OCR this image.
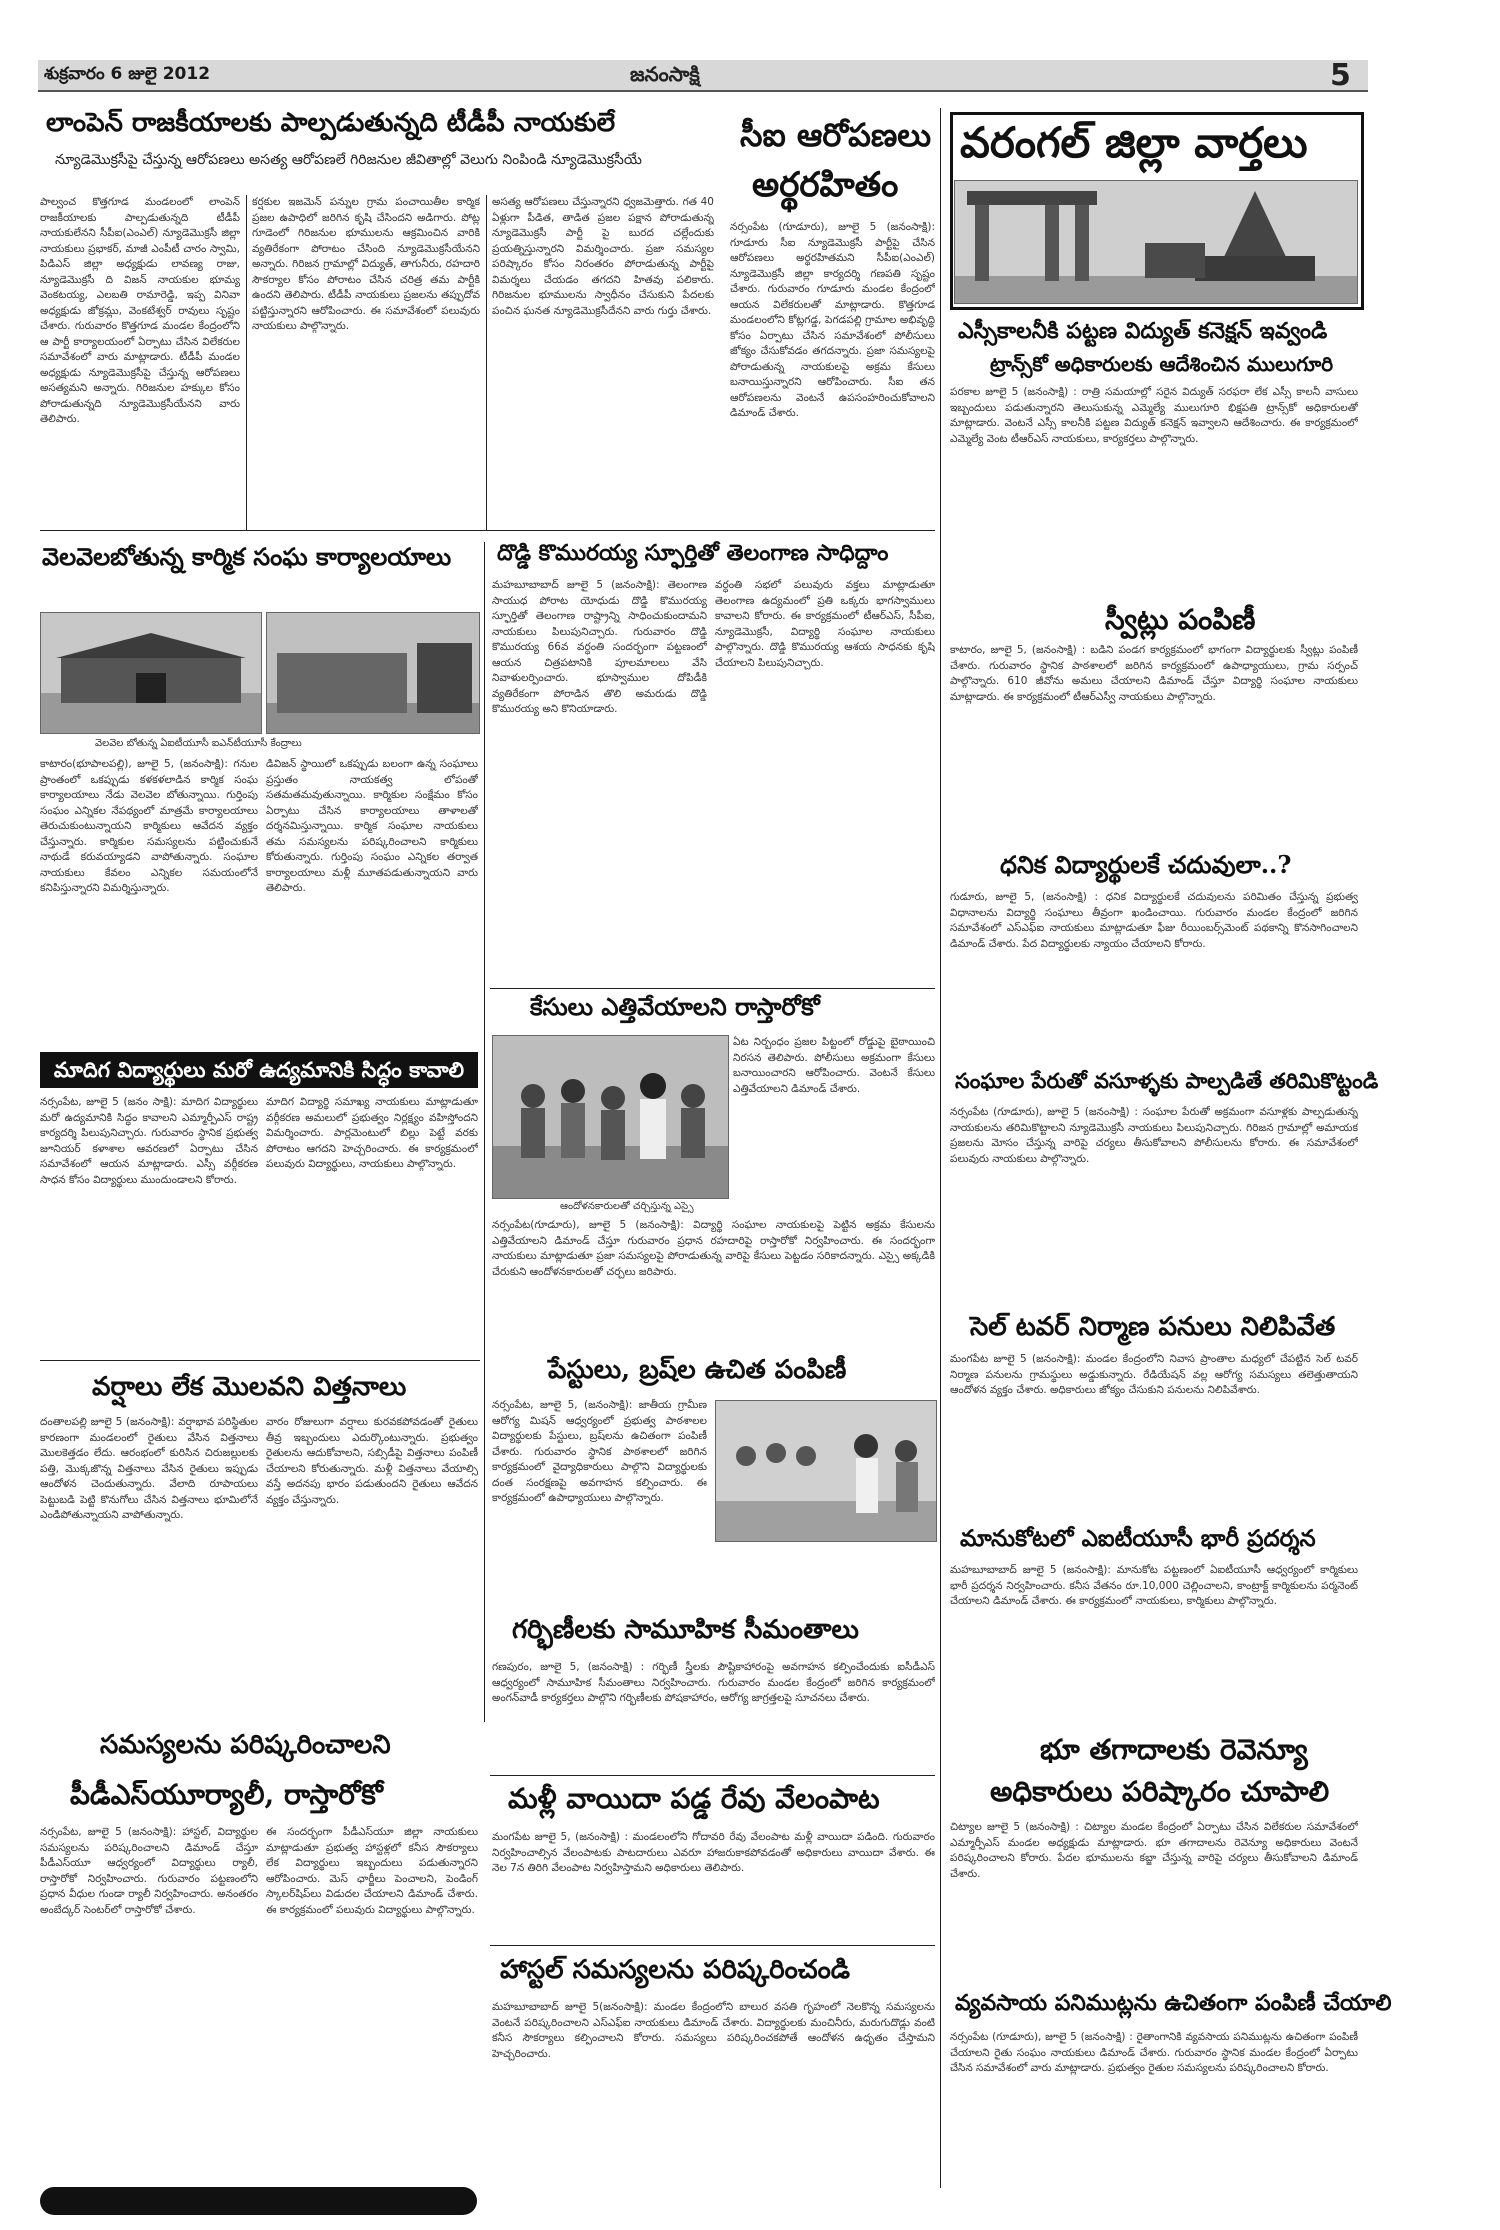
శుక్రవారం 6 జులై 2012	జనంసాక్షి	5
లాంపెన్ రాజకీయాలకు పాల్పడుతున్నది టీడీపీ నాయకులే
న్యూడెమొక్రసీపై చేస్తున్న ఆరోపణలు అసత్య ఆరోపణలే గిరిజనుల జీవితాల్లో వెలుగు నింపిండి న్యూడెమొక్రసీయే
పాల్వంచ కొత్తగూడ మండలంలో లాంపెన్ రాజకీయాలకు పాల్పడుతున్నది టీడీపీ నాయకులేనని సీపీఐ(ఎంఎల్) న్యూడెమొక్రసీ జిల్లా నాయకులు ప్రభాకర్, మాజీ ఎంపీటీ చారం స్వామి, పిడిఎస్ జిల్లా అధ్యక్షుడు లావణ్య రాజు, న్యూడెమొక్రసీ ది విజన్ నాయకుల భూమ్య వెంకటయ్య, ఎలబతి రామారెడ్డి, ఇప్ప వినివా అధ్యక్షుడు జోక్రమ్లు, వెంకటేశ్వర్ రావులు సృష్టం చేశారు. గురువారం కొత్తగూడ మండల కేంద్రంలోని ఆ పార్టీ కార్యాలయంలో ఏర్పాటు చేసిన విలేకరుల సమావేశంలో వారు మాట్లాడారు. టీడీపీ మండల అధ్యక్షుడు న్యూడెమొక్రసీపై చేస్తున్న ఆరోపణలు అసత్యమని అన్నారు. గిరిజనుల హక్కుల కోసం పోరాడుతున్నది న్యూడెమొక్రసీయేనని వారు తెలిపారు.
కర్షకుల ఇజమెన్ పన్నుల గ్రామ పంచాయితీల కార్మిక ప్రజల ఉపాధిలో జరిగిన కృషి చేసిందని అడిగారు. పోట్ల గూడెంలో గిరిజనుల భూములను ఆక్రమించిన వారికి వ్యతిరేకంగా పోరాటం చేసింది న్యూడెమొక్రసీయేనని అన్నారు. గిరిజన గ్రామాల్లో విద్యుత్, తాగునీరు, రహదారి సౌకర్యాల కోసం పోరాటం చేసిన చరిత్ర తమ పార్టీకి ఉందని తెలిపారు. టీడీపీ నాయకులు ప్రజలను తప్పుదోవ పట్టిస్తున్నారని ఆరోపించారు. ఈ సమావేశంలో పలువురు నాయకులు పాల్గొన్నారు.
అసత్య ఆరోపణలు చేస్తున్నారని ధ్వజమెత్తారు. గత 40 ఏళ్లుగా పీడిత, తాడిత ప్రజల పక్షాన పోరాడుతున్న న్యూడెమొక్రసీ పార్టీ పై బురద చల్లేందుకు ప్రయత్నిస్తున్నారని విమర్శించారు. ప్రజా సమస్యల పరిష్కారం కోసం నిరంతరం పోరాడుతున్న పార్టీపై విమర్శలు చేయడం తగదని హితవు పలికారు. గిరిజనుల భూములను స్వాధీనం చేసుకుని పేదలకు పంచిన ఘనత న్యూడెమొక్రసీదేనని వారు గుర్తు చేశారు.
సీఐ ఆరోపణలు
అర్థరహితం
నర్సంపేట (గూడూరు), జూలై 5 (జనంసాక్షి): గూడూరు సీఐ న్యూడెమొక్రసీ పార్టీపై చేసిన ఆరోపణలు అర్థరహితమని సీపీఐ(ఎంఎల్) న్యూడెమొక్రసీ జిల్లా కార్యదర్శి గణపతి సృష్టం చేశారు. గురువారం గూడూరు మండల కేంద్రంలో ఆయన విలేకరులతో మాట్లాడారు. కొత్తగూడ మండలంలోని కోట్లగడ్డ, పెగడపల్లి గ్రామాల అభివృద్ధి కోసం ఏర్పాటు చేసిన సమావేశంలో పోలీసులు జోక్యం చేసుకోవడం తగదన్నారు. ప్రజా సమస్యలపై పోరాడుతున్న నాయకులపై అక్రమ కేసులు బనాయిస్తున్నారని ఆరోపించారు. సీఐ తన ఆరోపణలను వెంటనే ఉపసంహరించుకోవాలని డిమాండ్ చేశారు.
వరంగల్ జిల్లా వార్తలు
ఎస్సీకాలనీకి పట్టణ విద్యుత్ కనెక్షన్ ఇవ్వండి
ట్రాన్స్‌కో అధికారులకు ఆదేశించిన ములుగూరి
పరకాల జూలై 5 (జనంసాక్షి) : రాత్రి సమయాల్లో సరైన విద్యుత్ సరఫరా లేక ఎస్సీ కాలనీ వాసులు ఇబ్బందులు పడుతున్నారని తెలుసుకున్న ఎమ్మెల్యే ములుగూరి భిక్షపతి ట్రాన్స్‌కో అధికారులతో మాట్లాడారు. వెంటనే ఎస్సీ కాలనీకి పట్టణ విద్యుత్ కనెక్షన్ ఇవ్వాలని ఆదేశించారు. ఈ కార్యక్రమంలో ఎమ్మెల్యే వెంట టీఆర్ఎస్ నాయకులు, కార్యకర్తలు పాల్గొన్నారు.
స్వీట్లు పంపిణీ
కాటారం, జూలై 5, (జనంసాక్షి) : బడిని పండగ కార్యక్రమంలో భాగంగా విద్యార్థులకు స్వీట్లు పంపిణీ చేశారు. గురువారం స్థానిక పాఠశాలలో జరిగిన కార్యక్రమంలో ఉపాధ్యాయులు, గ్రామ సర్పంచ్ పాల్గొన్నారు. 610 జీవోను అమలు చేయాలని డిమాండ్ చేస్తూ విద్యార్థి సంఘాల నాయకులు మాట్లాడారు. ఈ కార్యక్రమంలో టీఆర్ఎస్వీ నాయకులు పాల్గొన్నారు.
ధనిక విద్యార్థులకే చదువులా..?
గుడూరు, జూలై 5, (జనంసాక్షి) : ధనిక విద్యార్థులకే చదువులను పరిమితం చేస్తున్న ప్రభుత్వ విధానాలను విద్యార్థి సంఘాలు తీవ్రంగా ఖండించాయి. గురువారం మండల కేంద్రంలో జరిగిన సమావేశంలో ఎస్‌ఎఫ్ఐ నాయకులు మాట్లాడుతూ ఫీజు రీయింబర్స్‌మెంట్ పథకాన్ని కొనసాగించాలని డిమాండ్ చేశారు. పేద విద్యార్థులకు న్యాయం చేయాలని కోరారు.
సంఘాల పేరుతో వసూళ్ళకు పాల్పడితే తరిమికొట్టండి
నర్సంపేట (గూడూరు), జూలై 5 (జనంసాక్షి) : సంఘాల పేరుతో అక్రమంగా వసూళ్లకు పాల్పడుతున్న నాయకులను తరిమికొట్టాలని న్యూడెమొక్రసీ నాయకులు పిలుపునిచ్చారు. గిరిజన గ్రామాల్లో అమాయక ప్రజలను మోసం చేస్తున్న వారిపై చర్యలు తీసుకోవాలని పోలీసులను కోరారు. ఈ సమావేశంలో పలువురు నాయకులు పాల్గొన్నారు.
సెల్ టవర్ నిర్మాణ పనులు నిలిపివేత
మంగపేట జూలై 5 (జనంసాక్షి): మండల కేంద్రంలోని నివాస ప్రాంతాల మధ్యలో చేపట్టిన సెల్ టవర్ నిర్మాణ పనులను గ్రామస్థులు అడ్డుకున్నారు. రేడియేషన్ వల్ల ఆరోగ్య సమస్యలు తలెత్తుతాయని ఆందోళన వ్యక్తం చేశారు. అధికారులు జోక్యం చేసుకుని పనులను నిలిపివేశారు.
మానుకోటలో ఎఐటీయూసీ భారీ ప్రదర్శన
మహబూబాబాద్ జూలై 5 (జనంసాక్షి): మానుకోట పట్టణంలో ఏఐటీయూసీ ఆధ్వర్యంలో కార్మికులు భారీ ప్రదర్శన నిర్వహించారు. కనీస వేతనం రూ.10,000 చెల్లించాలని, కాంట్రాక్ట్ కార్మికులను పర్మనెంట్ చేయాలని డిమాండ్ చేశారు. ఈ కార్యక్రమంలో నాయకులు, కార్మికులు పాల్గొన్నారు.
భూ తగాదాలకు రెవెన్యూ
అధికారులు పరిష్కారం చూపాలి
చిట్యాల జూలై 5 (జనంసాక్షి) : చిట్యాల మండల కేంద్రంలో ఏర్పాటు చేసిన విలేకరుల సమావేశంలో ఎమ్మార్పీఎస్ మండల అధ్యక్షుడు మాట్లాడారు. భూ తగాదాలను రెవెన్యూ అధికారులు వెంటనే పరిష్కరించాలని కోరారు. పేదల భూములను కబ్జా చేస్తున్న వారిపై చర్యలు తీసుకోవాలని డిమాండ్ చేశారు.
వ్యవసాయ పనిముట్లను ఉచితంగా పంపిణీ చేయాలి
నర్సంపేట (గూడూరు), జూలై 5 (జనంసాక్షి) : రైతాంగానికి వ్యవసాయ పనిముట్లను ఉచితంగా పంపిణీ చేయాలని రైతు సంఘం నాయకులు డిమాండ్ చేశారు. గురువారం స్థానిక మండల కేంద్రంలో ఏర్పాటు చేసిన సమావేశంలో వారు మాట్లాడారు. ప్రభుత్వం రైతుల సమస్యలను పరిష్కరించాలని కోరారు.
వెలవెలబోతున్న కార్మిక సంఘ కార్యాలయాలు
వెలవెల బోతున్న ఏఐటీయూసీ ఐఎన్‌టీయూసీ కేంద్రాలు
కాటారం(భూపాలపల్లి), జూలై 5, (జనంసాక్షి): గనుల ప్రాంతంలో ఒకప్పుడు కళకళలాడిన కార్మిక సంఘ కార్యాలయాలు నేడు వెలవెల బోతున్నాయి. గుర్తింపు సంఘం ఎన్నికల నేపథ్యంలో మాత్రమే కార్యాలయాలు తెరుచుకుంటున్నాయని కార్మికులు ఆవేదన వ్యక్తం చేస్తున్నారు. కార్మికుల సమస్యలను పట్టించుకునే నాథుడే కరువయ్యాడని వాపోతున్నారు. సంఘాల నాయకులు కేవలం ఎన్నికల సమయంలోనే కనిపిస్తున్నారని విమర్శిస్తున్నారు.
డివిజన్ స్థాయిలో ఒకప్పుడు బలంగా ఉన్న సంఘాలు ప్రస్తుతం నాయకత్వ లోపంతో సతమతమవుతున్నాయి. కార్మికుల సంక్షేమం కోసం ఏర్పాటు చేసిన కార్యాలయాలు తాళాలతో దర్శనమిస్తున్నాయి. కార్మిక సంఘాల నాయకులు తమ సమస్యలను పరిష్కరించాలని కార్మికులు కోరుతున్నారు. గుర్తింపు సంఘం ఎన్నికల తర్వాత కార్యాలయాలు మళ్లీ మూతపడుతున్నాయని వారు తెలిపారు.
దొడ్డి కొమురయ్య స్ఫూర్తితో తెలంగాణ సాధిద్దాం
మహబూబాబాద్ జూలై 5 (జనంసాక్షి): తెలంగాణ సాయుధ పోరాట యోధుడు దొడ్డి కొమురయ్య స్ఫూర్తితో తెలంగాణ రాష్ట్రాన్ని సాధించుకుందామని నాయకులు పిలుపునిచ్చారు. గురువారం దొడ్డి కొమురయ్య 66వ వర్ధంతి సందర్భంగా పట్టణంలో ఆయన చిత్రపటానికి పూలమాలలు వేసి నివాళులర్పించారు. భూస్వాముల దోపిడీకి వ్యతిరేకంగా పోరాడిన తొలి అమరుడు దొడ్డి కొమురయ్య అని కొనియాడారు.
వర్ధంతి సభలో పలువురు వక్తలు మాట్లాడుతూ తెలంగాణ ఉద్యమంలో ప్రతి ఒక్కరు భాగస్వాములు కావాలని కోరారు. ఈ కార్యక్రమంలో టీఆర్ఎస్, సీపీఐ, న్యూడెమొక్రసీ, విద్యార్థి సంఘాల నాయకులు పాల్గొన్నారు. దొడ్డి కొమురయ్య ఆశయ సాధనకు కృషి చేయాలని పిలుపునిచ్చారు.
కేసులు ఎత్తివేయాలని రాస్తారోకో
ఆందోళనకారులతో చర్చిస్తున్న ఎస్సై
ఏట నిర్బంధం ప్రజల పిట్టంలో రోడ్డుపై బైఠాయించి నిరసన తెలిపారు. పోలీసులు అక్రమంగా కేసులు బనాయించారని ఆరోపించారు. వెంటనే కేసులు ఎత్తివేయాలని డిమాండ్ చేశారు.
నర్సంపేట(గూడూరు), జూలై 5 (జనంసాక్షి): విద్యార్థి సంఘాల నాయకులపై పెట్టిన అక్రమ కేసులను ఎత్తివేయాలని డిమాండ్ చేస్తూ గురువారం ప్రధాన రహదారిపై రాస్తారోకో నిర్వహించారు. ఈ సందర్భంగా నాయకులు మాట్లాడుతూ ప్రజా సమస్యలపై పోరాడుతున్న వారిపై కేసులు పెట్టడం సరికాదన్నారు. ఎస్సై అక్కడికి చేరుకుని ఆందోళనకారులతో చర్చలు జరిపారు.
మాదిగ విద్యార్థులు మరో ఉద్యమానికి సిద్ధం కావాలి
నర్సంపేట, జూలై 5 (జనం సాక్షి): మాదిగ విద్యార్థులు మరో ఉద్యమానికి సిద్ధం కావాలని ఎమ్మార్పీఎస్ రాష్ట్ర కార్యదర్శి పిలుపునిచ్చారు. గురువారం స్థానిక ప్రభుత్వ జూనియర్ కళాశాల ఆవరణలో ఏర్పాటు చేసిన సమావేశంలో ఆయన మాట్లాడారు. ఎస్సీ వర్గీకరణ సాధన కోసం విద్యార్థులు ముందుండాలని కోరారు.
మాదిగ విద్యార్థి సమాఖ్య నాయకులు మాట్లాడుతూ వర్గీకరణ అమలులో ప్రభుత్వం నిర్లక్ష్యం వహిస్తోందని విమర్శించారు. పార్లమెంటులో బిల్లు పెట్టే వరకు పోరాటం ఆగదని హెచ్చరించారు. ఈ కార్యక్రమంలో పలువురు విద్యార్థులు, నాయకులు పాల్గొన్నారు.
పేస్టులు, బ్రష్‌ల ఉచిత పంపిణీ
నర్సంపేట, జూలై 5, (జనంసాక్షి): జాతీయ గ్రామీణ ఆరోగ్య మిషన్ ఆధ్వర్యంలో ప్రభుత్వ పాఠశాలల విద్యార్థులకు పేస్టులు, బ్రష్‌లను ఉచితంగా పంపిణీ చేశారు. గురువారం స్థానిక పాఠశాలలో జరిగిన కార్యక్రమంలో వైద్యాధికారులు పాల్గొని విద్యార్థులకు దంత సంరక్షణపై అవగాహన కల్పించారు. ఈ కార్యక్రమంలో ఉపాధ్యాయులు పాల్గొన్నారు.
వర్షాలు లేక మొలవని విత్తనాలు
దంతాలపల్లి జూలై 5 (జనంసాక్షి): వర్షాభావ పరిస్థితుల కారణంగా మండలంలో రైతులు వేసిన విత్తనాలు మొలకెత్తడం లేదు. ఆరంభంలో కురిసిన చిరుజల్లులకు పత్తి, మొక్కజొన్న విత్తనాలు వేసిన రైతులు ఇప్పుడు ఆందోళన చెందుతున్నారు. వేలాది రూపాయలు పెట్టుబడి పెట్టి కొనుగోలు చేసిన విత్తనాలు భూమిలోనే ఎండిపోతున్నాయని వాపోతున్నారు.
వారం రోజులుగా వర్షాలు కురవకపోవడంతో రైతులు తీవ్ర ఇబ్బందులు ఎదుర్కొంటున్నారు. ప్రభుత్వం రైతులను ఆదుకోవాలని, సబ్సిడీపై విత్తనాలు పంపిణీ చేయాలని కోరుతున్నారు. మళ్లీ విత్తనాలు వేయాల్సి వస్తే అదనపు భారం పడుతుందని రైతులు ఆవేదన వ్యక్తం చేస్తున్నారు.
గర్భిణీలకు సామూహిక సీమంతాలు
గణపురం, జూలై 5, (జనంసాక్షి) : గర్భిణీ స్త్రీలకు పౌష్టికాహారంపై అవగాహన కల్పించేందుకు ఐసీడీఎస్ ఆధ్వర్యంలో సామూహిక సీమంతాలు నిర్వహించారు. గురువారం మండల కేంద్రంలో జరిగిన కార్యక్రమంలో అంగన్‌వాడీ కార్యకర్తలు పాల్గొని గర్భిణీలకు పోషకాహారం, ఆరోగ్య జాగ్రత్తలపై సూచనలు చేశారు.
సమస్యలను పరిష్కరించాలని
పీడీఎస్‌యూర్యాలీ, రాస్తారోకో
నర్సంపేట, జూలై 5 (జనంసాక్షి): హాస్టల్, విద్యార్థుల సమస్యలను పరిష్కరించాలని డిమాండ్ చేస్తూ పీడీఎస్‌యూ ఆధ్వర్యంలో విద్యార్థులు ర్యాలీ, రాస్తారోకో నిర్వహించారు. గురువారం పట్టణంలోని ప్రధాన వీధుల గుండా ర్యాలీ నిర్వహించారు. అనంతరం అంబేద్కర్ సెంటర్‌లో రాస్తారోకో చేశారు.
ఈ సందర్భంగా పీడీఎస్‌యూ జిల్లా నాయకులు మాట్లాడుతూ ప్రభుత్వ హాస్టళ్లలో కనీస సౌకర్యాలు లేక విద్యార్థులు ఇబ్బందులు పడుతున్నారని ఆరోపించారు. మెస్ ఛార్జీలు పెంచాలని, పెండింగ్ స్కాలర్‌షిప్‌లు విడుదల చేయాలని డిమాండ్ చేశారు. ఈ కార్యక్రమంలో పలువురు విద్యార్థులు పాల్గొన్నారు.
మళ్లీ వాయిదా పడ్డ రేవు వేలంపాట
మంగపేట జూలై 5, (జనంసాక్షి) : మండలంలోని గోదావరి రేవు వేలంపాట మళ్లీ వాయిదా పడింది. గురువారం నిర్వహించాల్సిన వేలంపాటకు పాటదారులు ఎవరూ హాజరుకాకపోవడంతో అధికారులు వాయిదా వేశారు. ఈ నెల 7న తిరిగి వేలంపాట నిర్వహిస్తామని అధికారులు తెలిపారు.
హాస్టల్ సమస్యలను పరిష్కరించండి
మహబూబాబాద్ జూలై 5(జనంసాక్షి): మండల కేంద్రంలోని బాలుర వసతి గృహంలో నెలకొన్న సమస్యలను వెంటనే పరిష్కరించాలని ఎస్‌ఎఫ్ఐ నాయకులు డిమాండ్ చేశారు. విద్యార్థులకు మంచినీరు, మరుగుదొడ్లు వంటి కనీస సౌకర్యాలు కల్పించాలని కోరారు. సమస్యలు పరిష్కరించకపోతే ఆందోళన ఉధృతం చేస్తామని హెచ్చరించారు.
